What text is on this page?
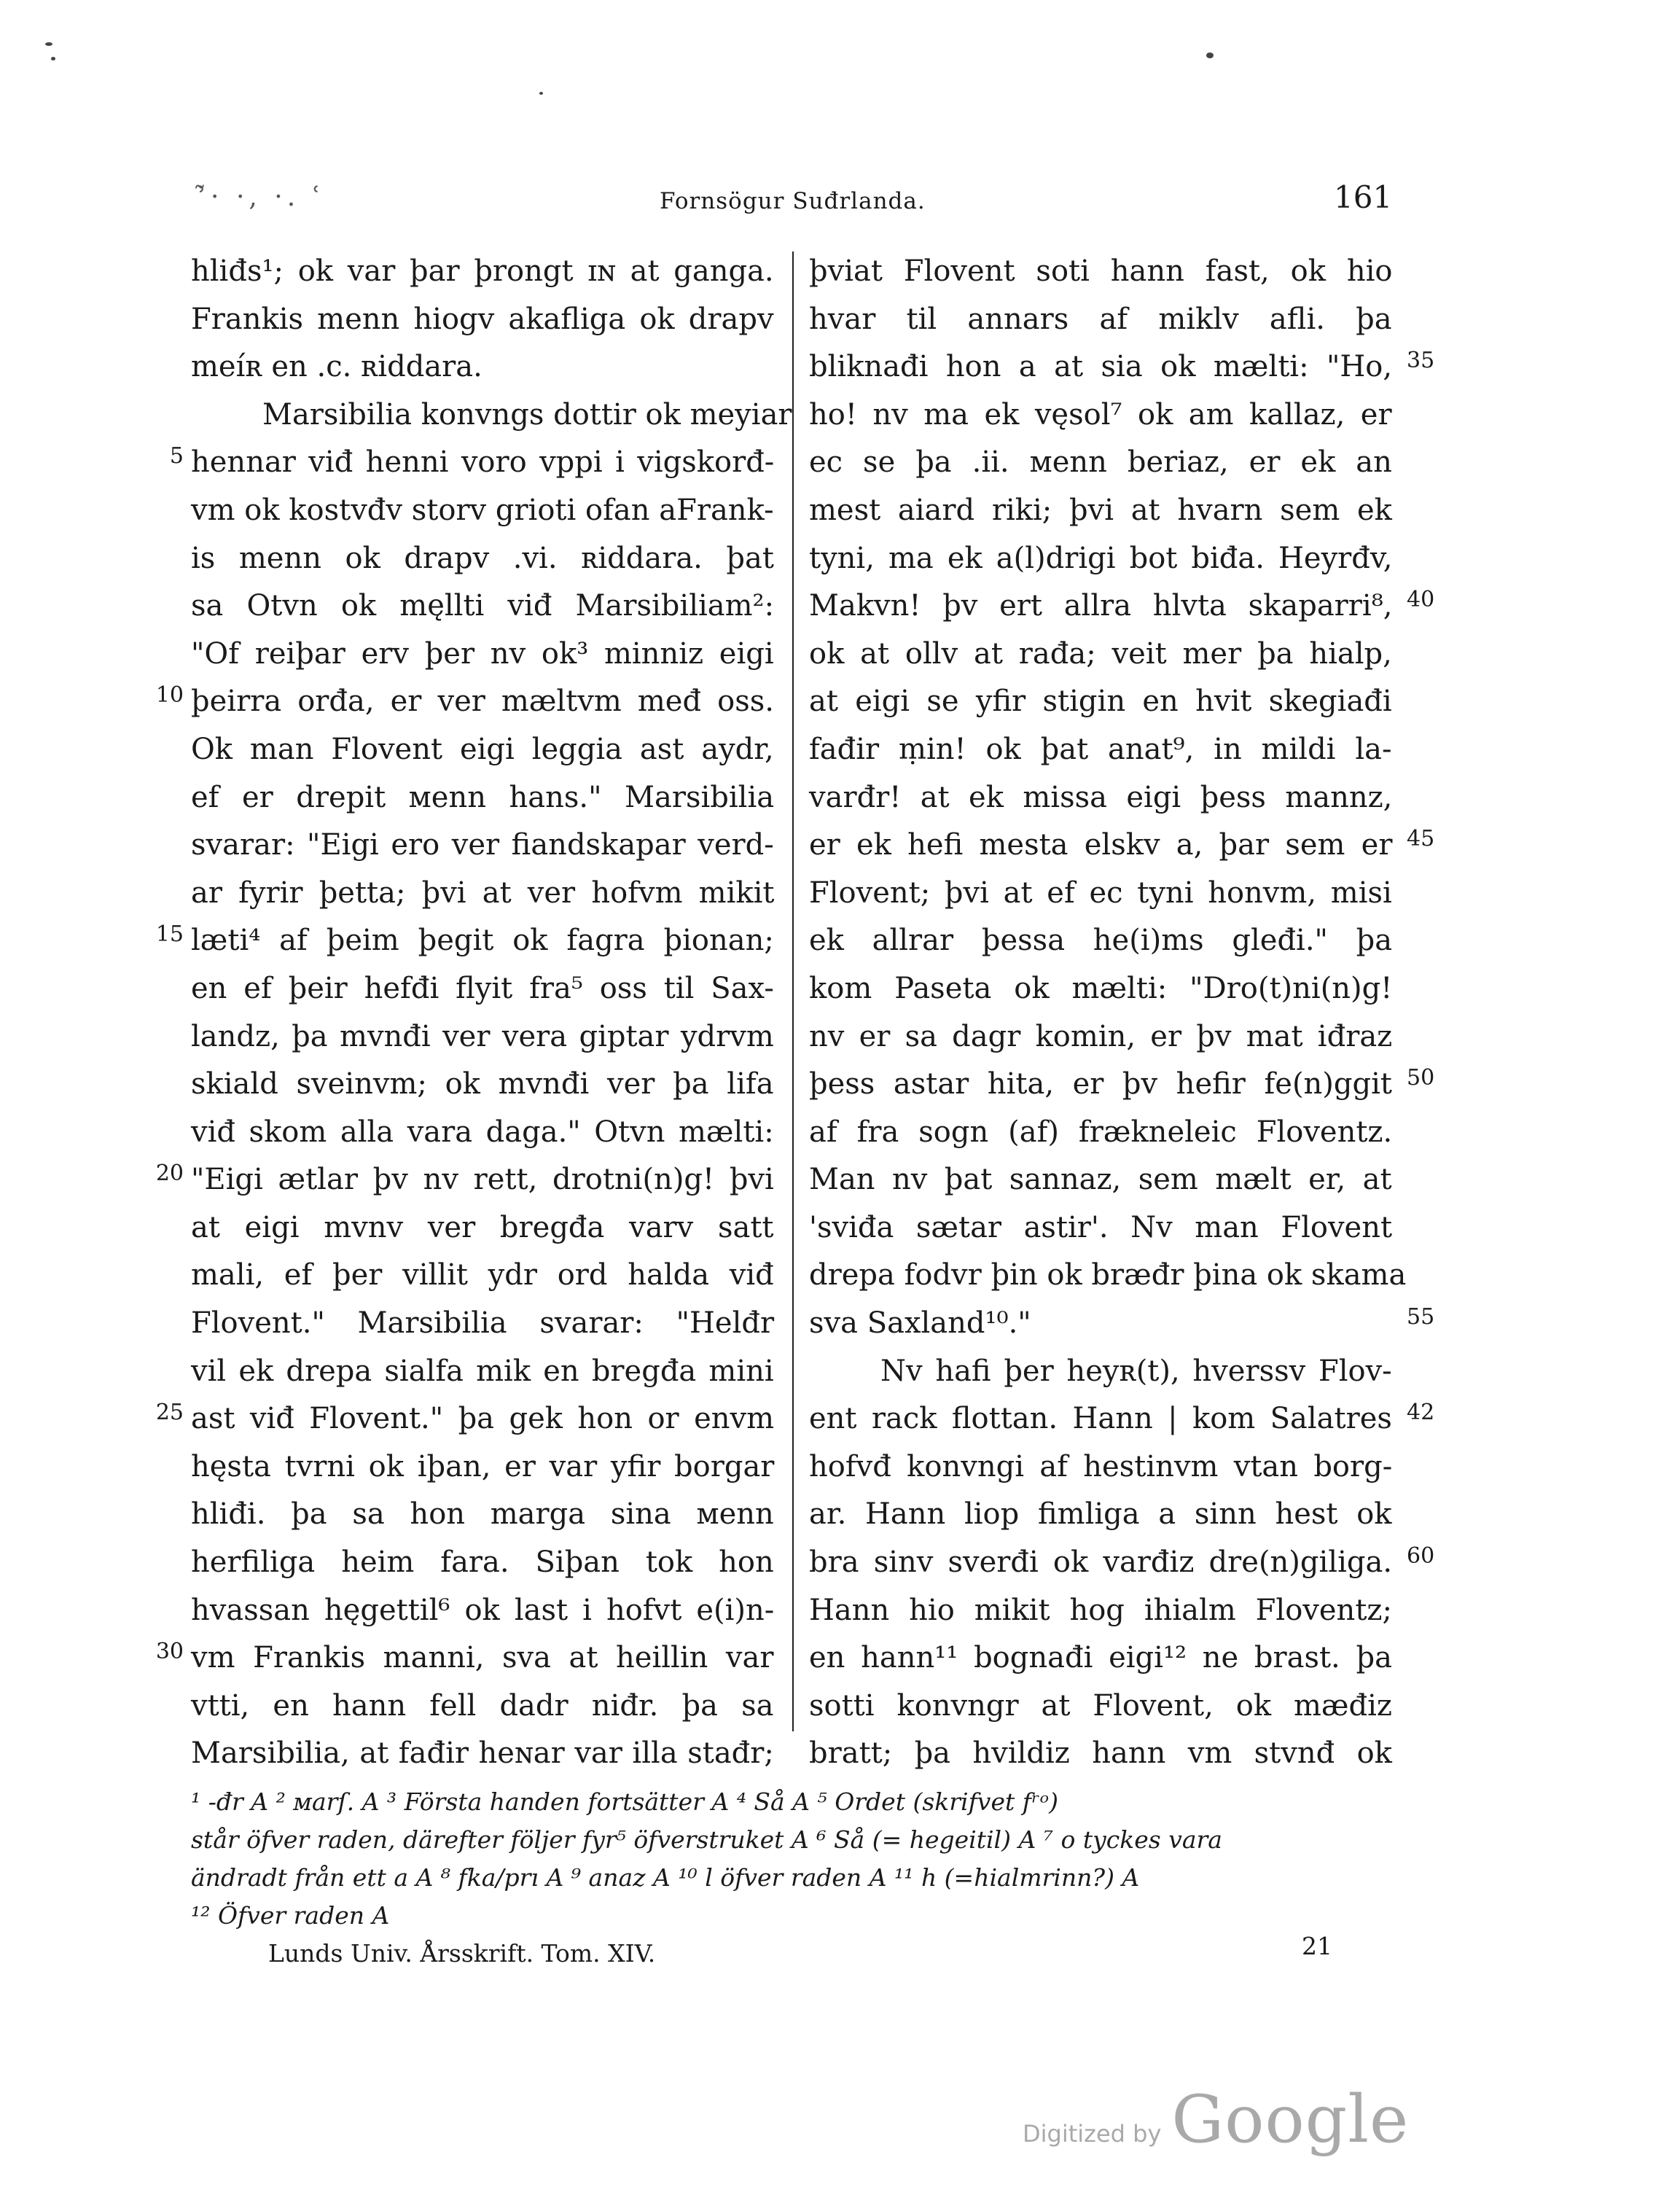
ʾ̃· ·, ·. ʿ	Fornsögur Suđrlanda.	161
hliđs¹; ok var þar þrongt ɪɴ at ganga.
Frankis menn hiogv akafliga ok drapv
meíʀ en .c. ʀiddara.
Marsibilia konvngs dottir ok meyiar
hennar viđ henni voro vppi i vigskorđ-
5
vm ok kostvđv storv grioti ofan aFrank-
is menn ok drapv .vi. ʀiddara. þat
sa Otvn ok męllti viđ Marsibiliam²:
"Of reiþar erv þer nv ok³ minniz eigi
þeirra orđa, er ver mæltvm međ oss.
10
Ok man Flovent eigi leggia ast aydr,
ef er drepit ᴍenn hans." Marsibilia
svarar: "Eigi ero ver fiandskapar verd-
ar fyrir þetta; þvi at ver hofvm mikit
læti⁴ af þeim þegit ok fagra þionan;
15
en ef þeir hefđi flyit fra⁵ oss til Sax-
landz, þa mvnđi ver vera giptar ydrvm
skiald sveinvm; ok mvnđi ver þa lifa
viđ skom alla vara daga." Otvn mælti:
"Eigi ætlar þv nv rett, drotni(n)g! þvi
20
at eigi mvnv ver bregđa varv satt
mali, ef þer villit ydr ord halda viđ
Flovent." Marsibilia svarar: "Helđr
vil ek drepa sialfa mik en bregđa mini
ast viđ Flovent." þa gek hon or envm
25
hęsta tvrni ok iþan, er var yfir borgar
hliđi. þa sa hon marga sina ᴍenn
herfiliga heim fara. Siþan tok hon
hvassan hęgettil⁶ ok last i hofvt e(i)n-
vm Frankis manni, sva at heillin var
30
vtti, en hann fell dadr niđr. þa sa
Marsibilia, at fađir heɴar var illa stađr;
þviat Flovent soti hann fast, ok hio
hvar til annars af miklv afli. þa
bliknađi hon a at sia ok mælti: "Ho, 35
ho! nv ma ek vęsol⁷ ok am kallaz, er
ec se þa .ii. ᴍenn beriaz, er ek an
mest aiard riki; þvi at hvarn sem ek
tyni, ma ek a(l)drigi bot biđa. Heyrđv,
Makvn! þv ert allra hlvta skaparri⁸, 40
ok at ollv at rađa; veit mer þa hialp,
at eigi se yfir stigin en hvit skegiađi
fađir ṃin! ok þat anat⁹, in mildi la-
varđr! at ek missa eigi þess mannz,
er ek hefi mesta elskv a, þar sem er 45
Flovent; þvi at ef ec tyni honvm, misi
ek allrar þessa he(i)ms gleđi." þa
kom Paseta ok mælti: "Dro(t)ni(n)g!
nv er sa dagr komin, er þv mat iđraz
þess astar hita, er þv hefir fe(n)ggit 50
af fra sogn (af) frækneleic Floventz.
Man nv þat sannaz, sem mælt er, at
'sviđa sætar astir'. Nv man Flovent
drepa fodvr þin ok bræđr þina ok skama
sva Saxland¹⁰."	55
Nv hafi þer heyʀ(t), hverssv Flov-
ent rack flottan. Hann | kom Salatres 42
hofvđ konvngi af hestinvm vtan borg-
ar. Hann liop fimliga a sinn hest ok
bra sinv sverđi ok varđiz dre(n)giliga. 60
Hann hio mikit hog ihialm Floventz;
en hann¹¹ bognađi eigi¹² ne brast. þa
sotti konvngr at Flovent, ok mæđiz
bratt; þa hvildiz hann vm stvnđ ok
¹ -đr A ² ᴍarſ. A ³ Första handen fortsätter A ⁴ Så A ⁵ Ordet (skrifvet fʳᵒ)
står öfver raden, därefter följer fyr⁵ öfverstruket A ⁶ Så (= hegeitil) A ⁷ o tyckes vara
ändradt från ett a A ⁸ fka/prı A ⁹ anaz A ¹⁰ l öfver raden A ¹¹ h (=hialmrinn?) A
¹² Öfver raden A
Lunds Univ. Årsskrift. Tom. XIV.	21
Digitized by Google
